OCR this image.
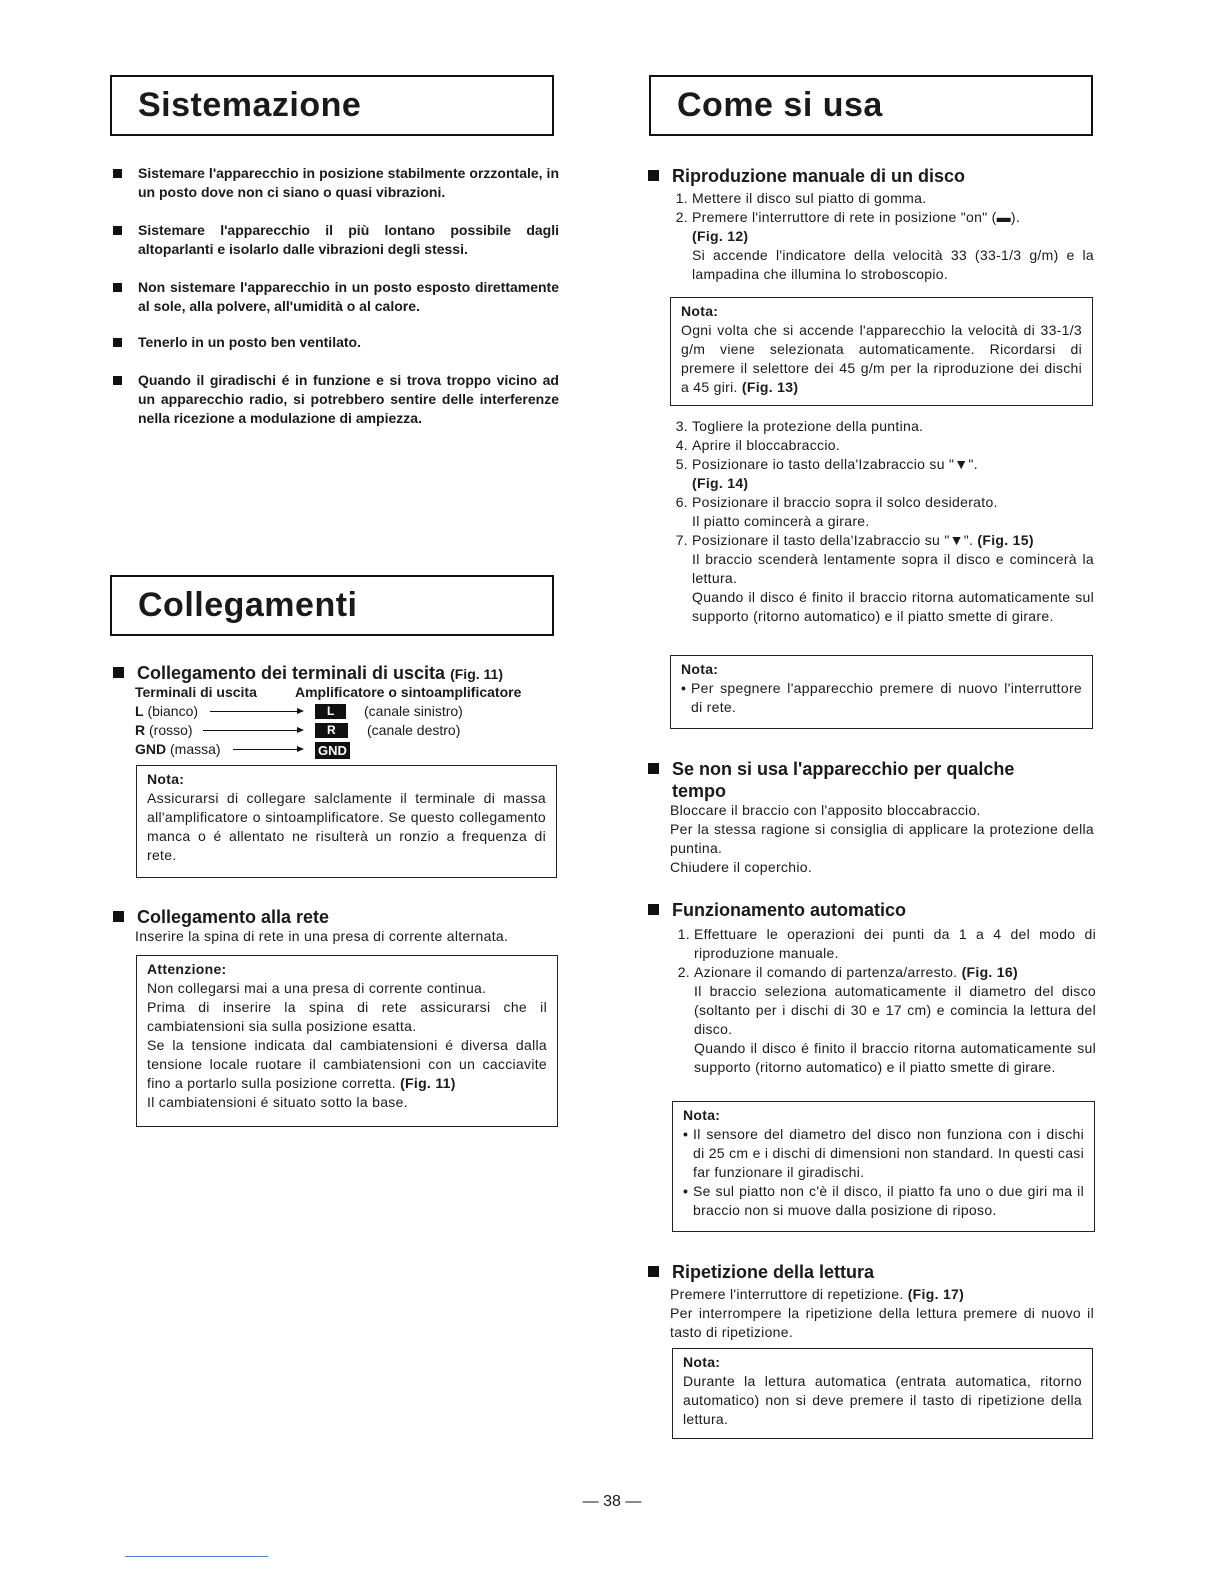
Sistemazione
Sistemare l'apparecchio in posizione stabilmente orzzontale, in un posto dove non ci siano o quasi vibrazioni.
Sistemare l'apparecchio il più lontano possibile dagli altoparlanti e isolarlo dalle vibrazioni degli stessi.
Non sistemare l'apparecchio in un posto esposto direttamente al sole, alla polvere, all'umidità o al calore.
Tenerlo in un posto ben ventilato.
Quando il giradischi é in funzione e si trova troppo vicino ad un apparecchio radio, si potrebbero sentire delle interferenze nella ricezione a modulazione di ampiezza.
Collegamenti
Collegamento dei terminali di uscita (Fig. 11)
Terminali di uscita	Amplificatore o sintoamplificatore
L (bianco)	L	(canale sinistro)
R (rosso)	R	(canale destro)
GND (massa)	GND
Nota:
Assicurarsi di collegare salclamente il terminale di massa all'amplificatore o sintoamplificatore. Se questo collegamento manca o é allentato ne risulterà un ronzio a frequenza di rete.
Collegamento alla rete
Inserire la spina di rete in una presa di corrente alternata.
Attenzione:
Non collegarsi mai a una presa di corrente continua.
Prima di inserire la spina di rete assicurarsi che il cambiatensioni sia sulla posizione esatta.
Se la tensione indicata dal cambiatensioni é diversa dalla tensione locale ruotare il cambiatensioni con un cacciavite fino a portarlo sulla posizione corretta. (Fig. 11)
Il cambiatensioni é situato sotto la base.
Come si usa
Riproduzione manuale di un disco
1. Mettere il disco sul piatto di gomma.
2. Premere l'interruttore di rete in posizione "on" (▬).
(Fig. 12)
Si accende l'indicatore della velocità 33 (33-1/3 g/m) e la lampadina che illumina lo stroboscopio.
Nota:
Ogni volta che si accende l'apparecchio la velocità di 33-1/3 g/m viene selezionata automaticamente. Ricordarsi di premere il selettore dei 45 g/m per la riproduzione dei dischi a 45 giri. (Fig. 13)
3. Togliere la protezione della puntina.
4. Aprire il bloccabraccio.
5. Posizionare io tasto della'Izabraccio su "▼".
(Fig. 14)
6. Posizionare il braccio sopra il solco desiderato.
Il piatto comincerà a girare.
7. Posizionare il tasto della'Izabraccio su "▼". (Fig. 15)
Il braccio scenderà lentamente sopra il disco e comincerà la lettura.
Quando il disco é finito il braccio ritorna automaticamente sul supporto (ritorno automatico) e il piatto smette di girare.
Nota:
• Per spegnere l'apparecchio premere di nuovo l'interruttore di rete.
Se non si usa l'apparecchio per qualche tempo
Bloccare il braccio con l'apposito bloccabraccio.
Per la stessa ragione si consiglia di applicare la protezione della puntina.
Chiudere il coperchio.
Funzionamento automatico
1. Effettuare le operazioni dei punti da 1 a 4 del modo di riproduzione manuale.
2. Azionare il comando di partenza/arresto. (Fig. 16)
Il braccio seleziona automaticamente il diametro del disco (soltanto per i dischi di 30 e 17 cm) e comincia la lettura del disco.
Quando il disco é finito il braccio ritorna automaticamente sul supporto (ritorno automatico) e il piatto smette di girare.
Nota:
• Il sensore del diametro del disco non funziona con i dischi di 25 cm e i dischi di dimensioni non standard. In questi casi far funzionare il giradischi.
• Se sul piatto non c'è il disco, il piatto fa uno o due giri ma il braccio non si muove dalla posizione di riposo.
Ripetizione della lettura
Premere l'interruttore di repetizione. (Fig. 17)
Per interrompere la ripetizione della lettura premere di nuovo il tasto di ripetizione.
Nota:
Durante la lettura automatica (entrata automatica, ritorno automatico) non si deve premere il tasto di ripetizione della lettura.
— 38 —
